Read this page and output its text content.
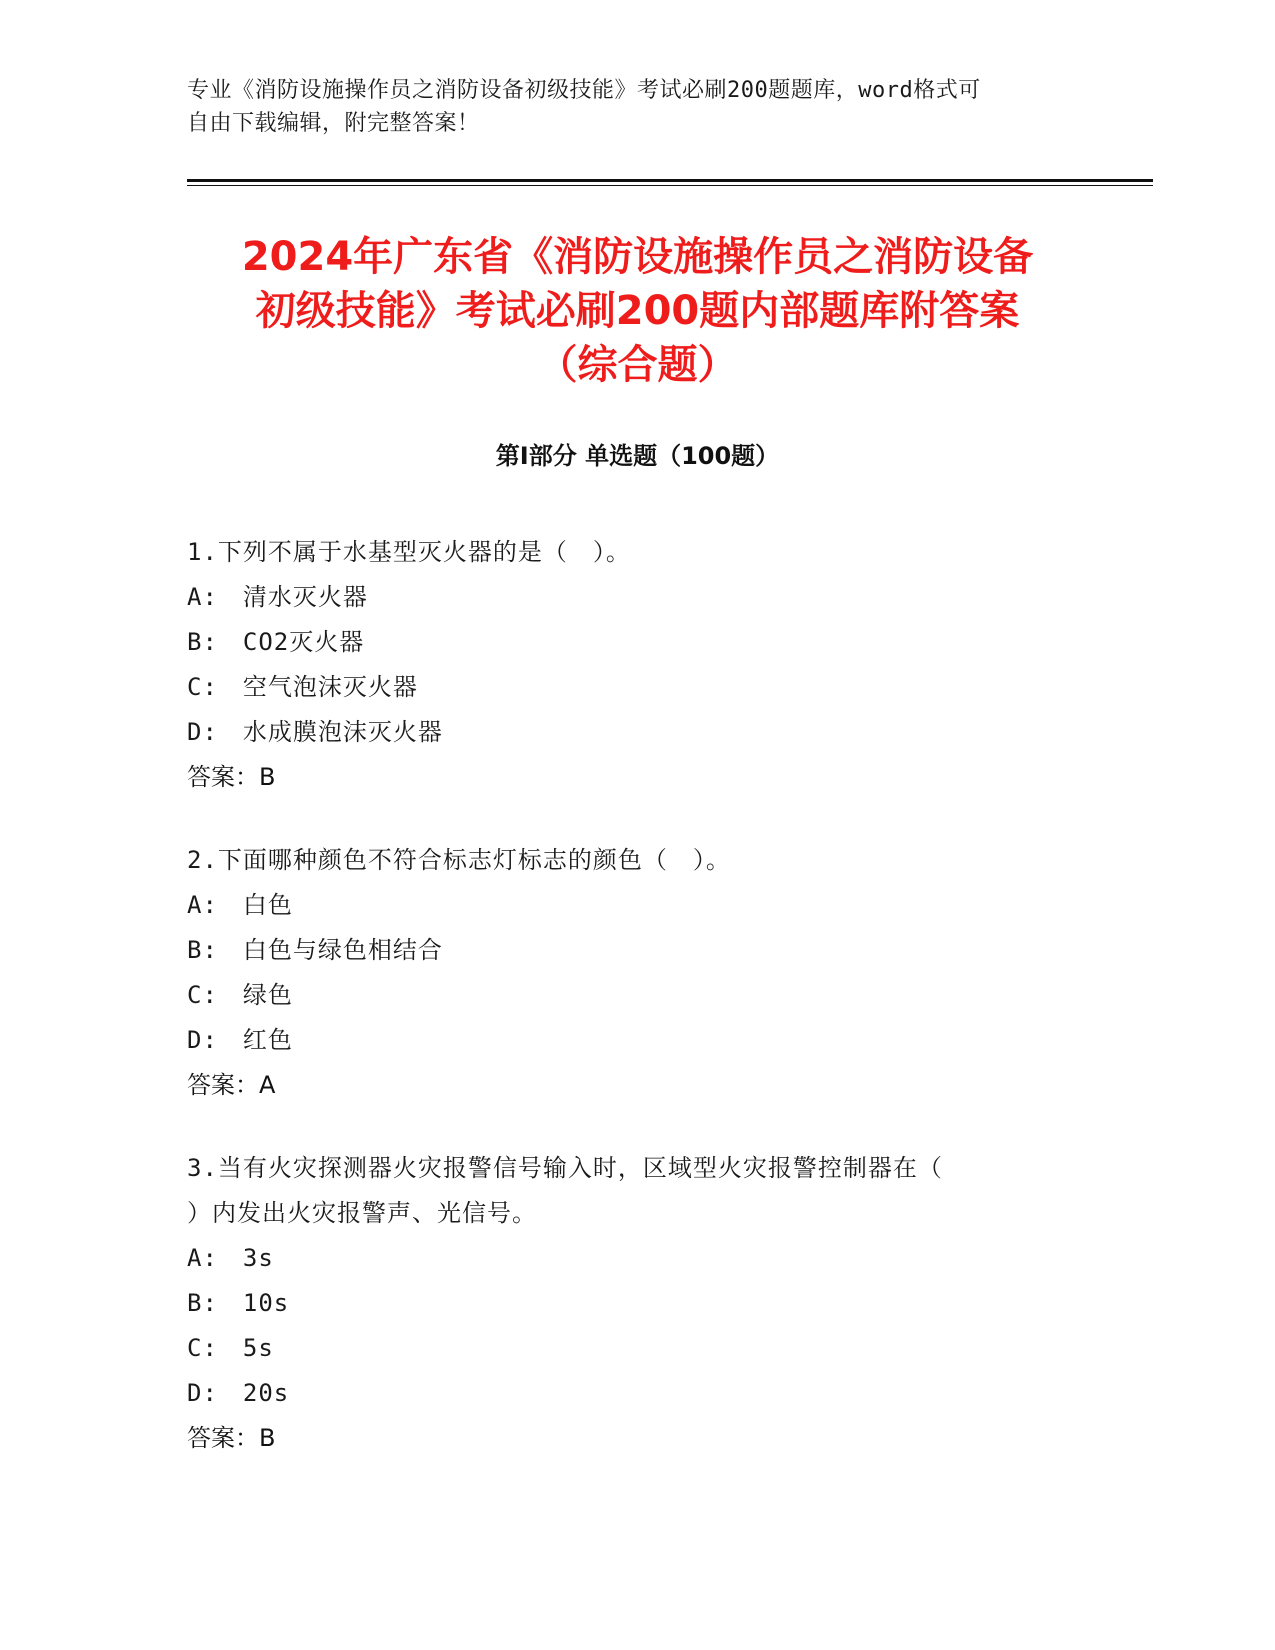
专业《消防设施操作员之消防设备初级技能》考试必刷200题题库，word格式可
自由下载编辑，附完整答案！
2024年广东省《消防设施操作员之消防设备
初级技能》考试必刷200题内部题库附答案
（综合题）
第Ⅰ部分 单选题（100题）
1.下列不属于水基型灭火器的是（　）。
A:　清水灭火器
B:　CO2灭火器
C:　空气泡沫灭火器
D:　水成膜泡沫灭火器
答案：B
2.下面哪种颜色不符合标志灯标志的颜色（　）。
A:　白色
B:　白色与绿色相结合
C:　绿色
D:　红色
答案：A
3.当有火灾探测器火灾报警信号输入时，区域型火灾报警控制器在（
）内发出火灾报警声、光信号。
A:　3s
B:　10s
C:　5s
D:　20s
答案：B
